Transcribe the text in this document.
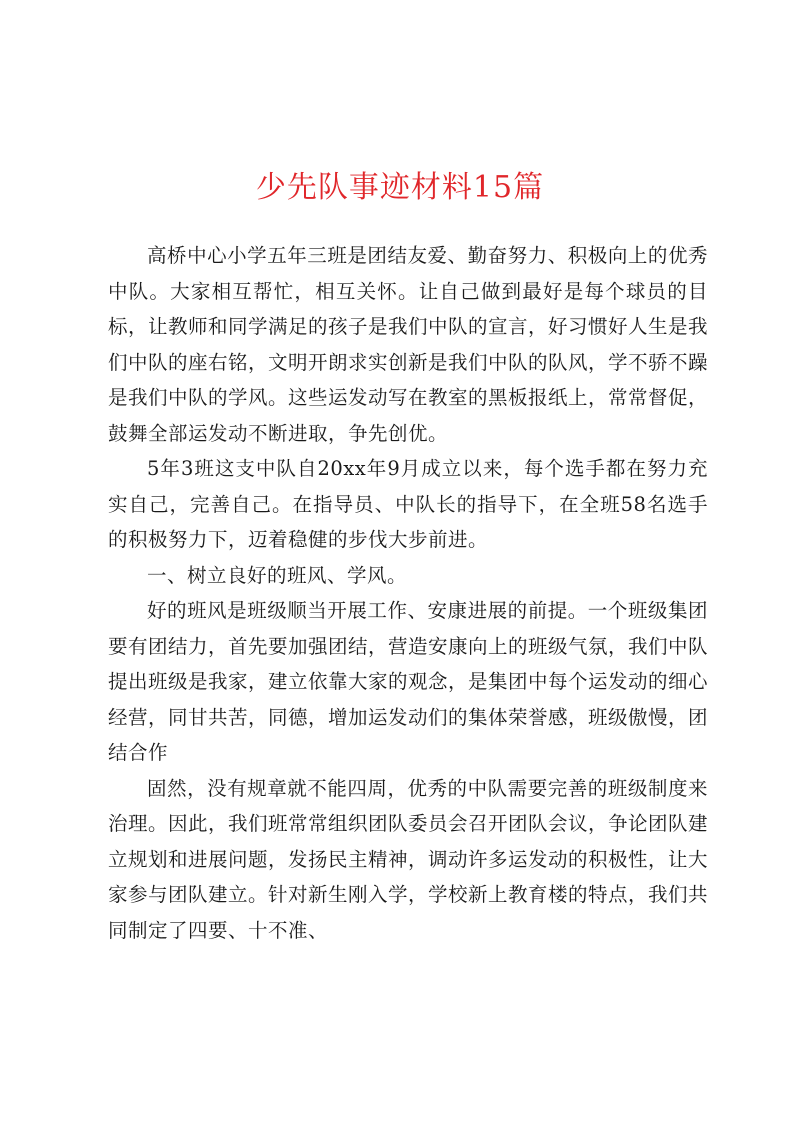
少先队事迹材料15篇

高桥中心小学五年三班是团结友爱、勤奋努力、积极向上的优秀中队。大家相互帮忙，相互关怀。让自己做到最好是每个球员的目标，让教师和同学满足的孩子是我们中队的宣言，好习惯好人生是我们中队的座右铭，文明开朗求实创新是我们中队的队风，学不骄不躁是我们中队的学风。这些运发动写在教室的黑板报纸上，常常督促，鼓舞全部运发动不断进取，争先创优。

5年3班这支中队自20xx年9月成立以来，每个选手都在努力充实自己，完善自己。在指导员、中队长的指导下，在全班58名选手的积极努力下，迈着稳健的步伐大步前进。

一、树立良好的班风、学风。

好的班风是班级顺当开展工作、安康进展的前提。一个班级集团要有团结力，首先要加强团结，营造安康向上的班级气氛，我们中队提出班级是我家，建立依靠大家的观念，是集团中每个运发动的细心经营，同甘共苦，同德，增加运发动们的集体荣誉感，班级傲慢，团结合作

固然，没有规章就不能四周，优秀的中队需要完善的班级制度来治理。因此，我们班常常组织团队委员会召开团队会议，争论团队建立规划和进展问题，发扬民主精神，调动许多运发动的积极性，让大家参与团队建立。针对新生刚入学，学校新上教育楼的特点，我们共同制定了四要、十不准、
